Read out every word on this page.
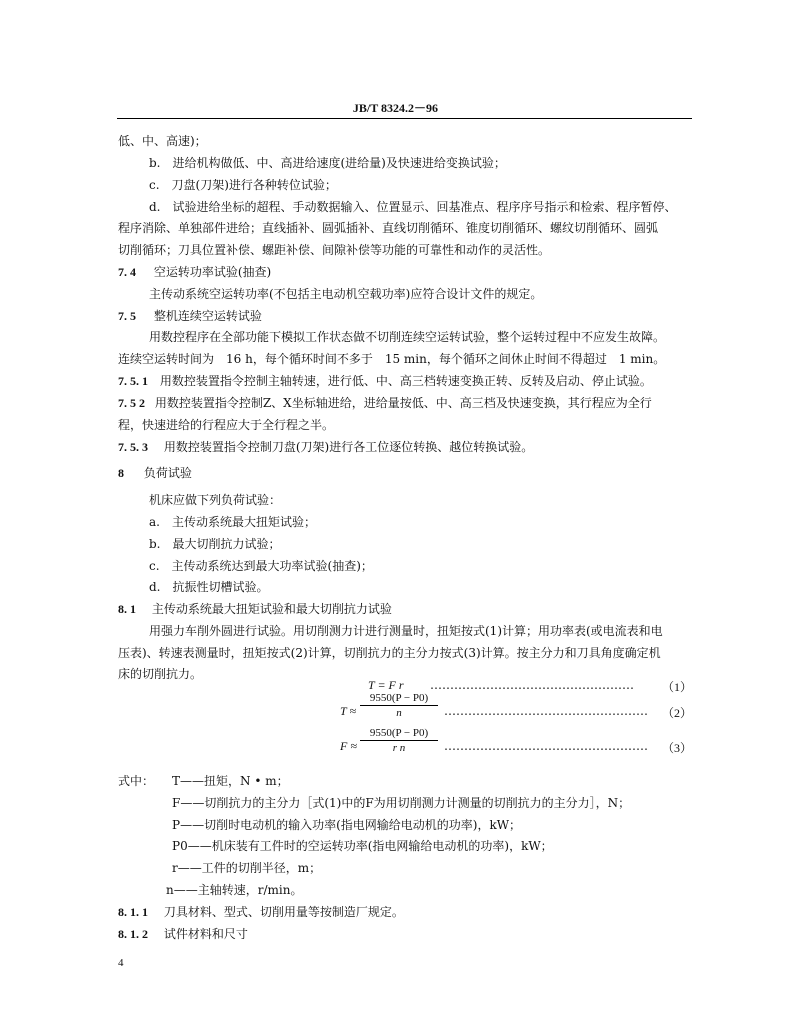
JB/T 8324.2－96
低、中、高速)；
b.　进给机构做低、中、高进给速度(进给量)及快速进给变换试验；
c.　刀盘(刀架)进行各种转位试验；
d.　试验进给坐标的超程、手动数据输入、位置显示、回基准点、程序序号指示和检索、程序暂停、
程序消除、单独部件进给；直线插补、圆弧插补、直线切削循环、锥度切削循环、螺纹切削循环、圆弧
切削循环；刀具位置补偿、螺距补偿、间隙补偿等功能的可靠性和动作的灵活性。
7. 4 空运转功率试验(抽查)
主传动系统空运转功率(不包括主电动机空载功率)应符合设计文件的规定。
7. 5 整机连续空运转试验
用数控程序在全部功能下模拟工作状态做不切削连续空运转试验，整个运转过程中不应发生故障。
连续空运转时间为　16 h，每个循环时间不多于　15 min，每个循环之间休止时间不得超过　1 min。
7. 5. 1 用数控装置指令控制主轴转速，进行低、中、高三档转速变换正转、反转及启动、停止试验。
7. 5 2 用数控装置指令控制Z、X坐标轴进给，进给量按低、中、高三档及快速变换，其行程应为全行
程，快速进给的行程应大于全行程之半。
7. 5. 3 用数控装置指令控制刀盘(刀架)进行各工位逐位转换、越位转换试验。
8 负荷试验
机床应做下列负荷试验：
a.　主传动系统最大扭矩试验；
b.　最大切削抗力试验；
c.　主传动系统达到最大功率试验(抽查)；
d.　抗振性切槽试验。
8. 1 主传动系统最大扭矩试验和最大切削抗力试验
用强力车削外圆进行试验。用切削测力计进行测量时，扭矩按式(1)计算；用功率表(或电流表和电
压表)、转速表测量时，扭矩按式(2)计算，切削抗力的主分力按式(3)计算。按主分力和刀具角度确定机
床的切削抗力。
T = F r ……………………………………………	（1）
T ≈
9550(P − P0)
n	……………………………………………	（2）
F ≈
9550(P − P0)
r n	……………………………………………	（3）
式中： T——扭矩，N • m；
F——切削抗力的主分力［式(1)中的F为用切削测力计测量的切削抗力的主分力］，N；
P——切削时电动机的输入功率(指电网输给电动机的功率)，kW；
P0——机床装有工件时的空运转功率(指电网输给电动机的功率)，kW；
r——工件的切削半径，m；
n——主轴转速，r/min。
8. 1. 1 刀具材料、型式、切削用量等按制造厂规定。
8. 1. 2 试件材料和尺寸
4
